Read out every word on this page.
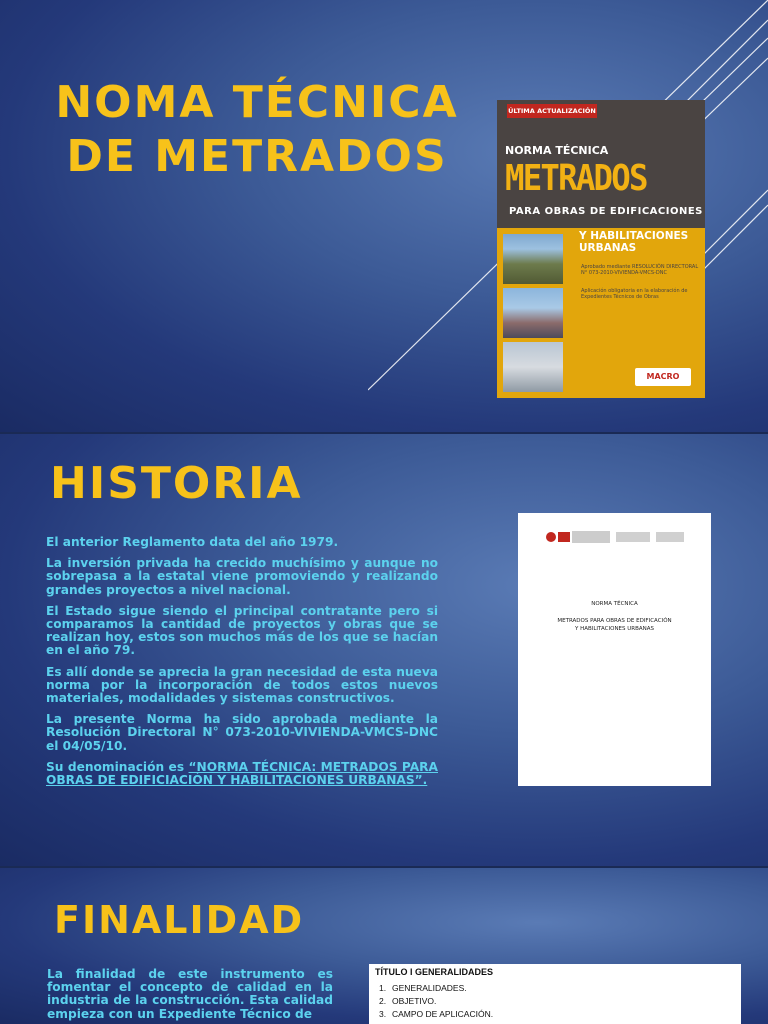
NOMA TÉCNICA
DE METRADOS
ÚLTIMA ACTUALIZACIÓN
NORMA TÉCNICA
METRADOS
PARA OBRAS DE EDIFICACIONES
Y HABILITACIONES URBANAS
Aprobado mediante RESOLUCIÓN DIRECTORAL N° 073-2010-VIVIENDA-VMCS-DNC
Aplicación obligatoria en la elaboración de Expedientes Técnicos de Obras
MACRO
HISTORIA

El anterior Reglamento data del año 1979.

La inversión privada ha crecido muchísimo y aunque no sobrepasa a la estatal viene promoviendo y realizando grandes proyectos a nivel nacional.

El Estado sigue siendo el principal contratante pero si comparamos la cantidad de proyectos y obras que se realizan hoy, estos son muchos más de los que se hacían en el año 79.

Es allí donde se aprecia la gran necesidad de esta nueva norma por la incorporación de todos estos nuevos materiales, modalidades y sistemas constructivos.

La presente Norma ha sido aprobada mediante la Resolución Directoral N° 073-2010-VIVIENDA-VMCS-DNC el 04/05/10.

Su denominación es “NORMA TÉCNICA: METRADOS PARA OBRAS DE EDIFICIACIÓN Y HABILITACIONES URBANAS”.

NORMA TÉCNICA
METRADOS PARA OBRAS DE EDIFICACIÓN
Y HABILITACIONES URBANAS
FINALIDAD

La finalidad de este instrumento es fomentar el concepto de calidad en la industria de la construcción. Esta calidad empieza con un Expediente Técnico de

TÍTULO I GENERALIDADES
1. GENERALIDADES.
2. OBJETIVO.
3. CAMPO DE APLICACIÓN.
